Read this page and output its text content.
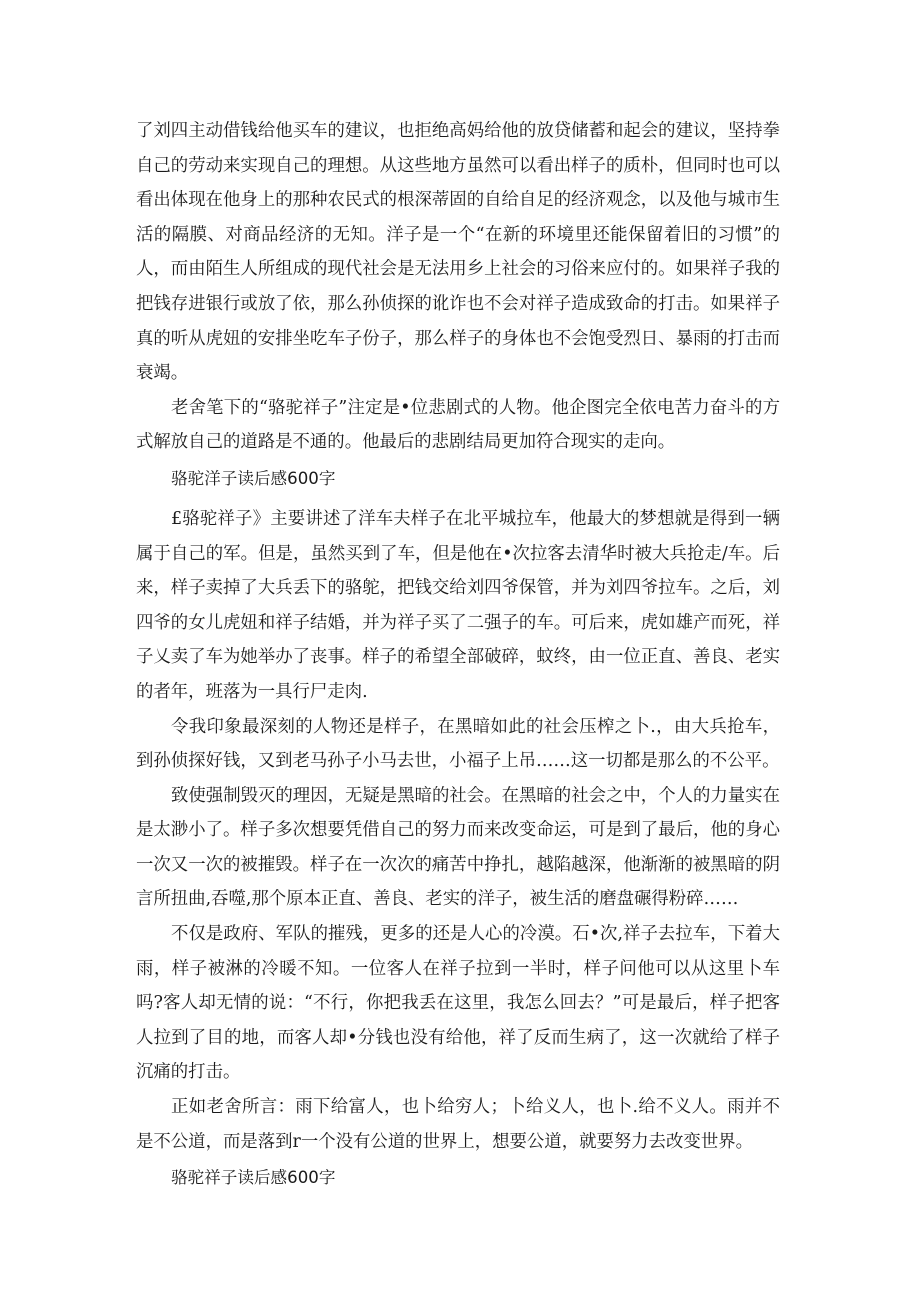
了刘四主动借钱给他买车的建议，也拒绝高妈给他的放贷储蓄和起会的建议，坚持拳自己的劳动来实现自己的理想。从这些地方虽然可以看出样子的质朴，但同时也可以看出体现在他身上的那种农民式的根深蒂固的自给自足的经济观念，以及他与城市生活的隔膜、对商品经济的无知。洋子是一个“在新的环境里还能保留着旧的习惯”的人，而由陌生人所组成的现代社会是无法用乡上社会的习俗来应付的。如果祥子我的把钱存进银行或放了依，那么孙侦探的讹诈也不会对祥子造成致命的打击。如果祥子真的听从虎妞的安排坐吃车子份子，那么样子的身体也不会饱受烈日、暴雨的打击而衰竭。

老舍笔下的“骆驼祥子”注定是•位悲剧式的人物。他企图完全依电苦力奋斗的方式解放自己的道路是不通的。他最后的悲剧结局更加符合现实的走向。

骆驼洋子读后感600字

£骆驼祥子》主要讲述了洋车夫样子在北平城拉车，他最大的梦想就是得到一辆属于自己的军。但是，虽然买到了车，但是他在•次拉客去清华时被大兵抢走/车。后来，样子卖掉了大兵丢下的骆鸵，把钱交给刘四爷保管，并为刘四爷拉车。之后，刘四爷的女儿虎妞和祥子结婚，并为祥子买了二强子的车。可后来，虎如雄产而死，祥子乂卖了车为她举办了丧事。样子的希望全部破碎，蚊终，由一位正直、善良、老实的者年，班落为一具行尸走肉.

令我印象最深刻的人物还是样子，在黑暗如此的社会压榨之卜.，由大兵抢车，到孙侦探好钱，又到老马孙子小马去世，小福子上吊……这一切都是那么的不公平。

致使强制毁灭的理因，无疑是黑暗的社会。在黑暗的社会之中，个人的力量实在是太渺小了。样子多次想要凭借自己的努力而来改变命运，可是到了最后，他的身心一次又一次的被摧毁。样子在一次次的痛苦中挣扎，越陷越深，他渐渐的被黑暗的阴言所扭曲,吞噬,那个原本正直、善良、老实的洋子，被生活的磨盘碾得粉碎……

不仅是政府、军队的摧残，更多的还是人心的冷漠。石•次,祥子去拉车，下着大雨，样子被淋的冷暖不知。一位客人在祥子拉到一半时，样子问他可以从这里卜车吗?客人却无情的说：“不行，你把我丢在这里，我怎么回去？”可是最后，样子把客人拉到了目的地，而客人却•分钱也没有给他，祥了反而生病了，这一次就给了样子沉痛的打击。

正如老舍所言：雨下给富人，也卜给穷人；卜给义人，也卜.给不义人。雨并不是不公道，而是落到r一个没有公道的世界上，想要公道，就要努力去改变世界。

骆驼祥子读后感600字
